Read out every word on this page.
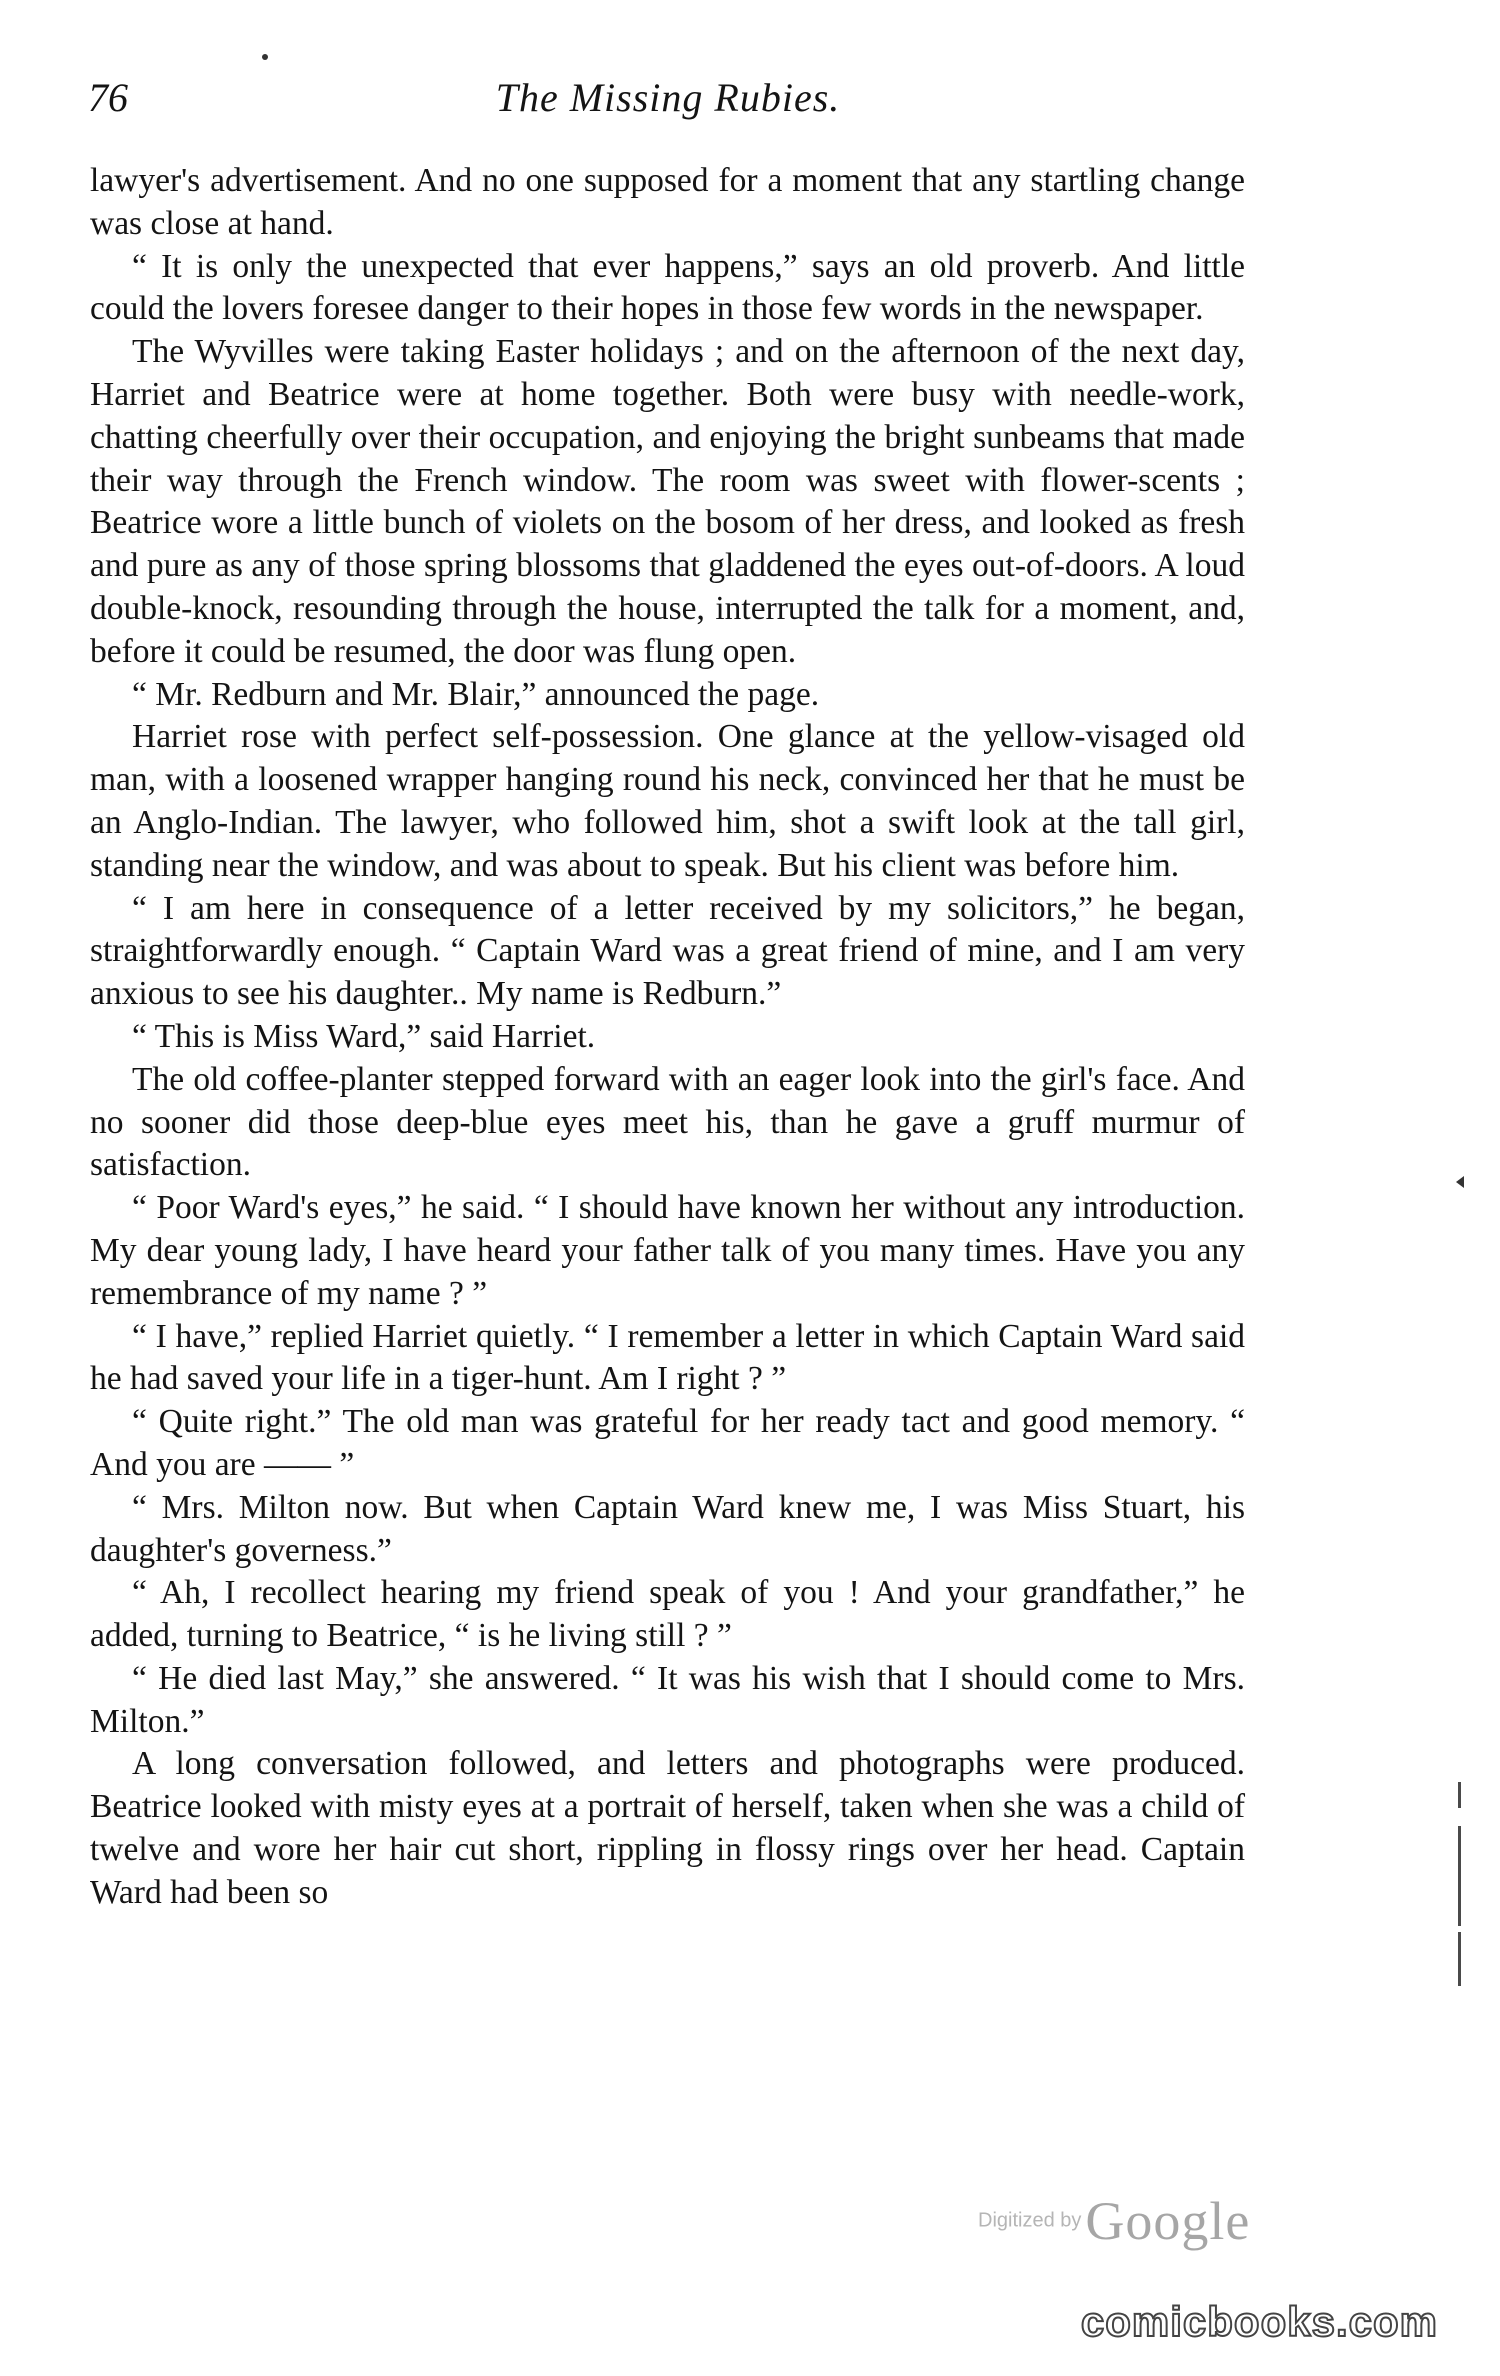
76	The Missing Rubies.

lawyer's advertisement. And no one supposed for a moment that any startling change was close at hand.

“ It is only the unexpected that ever happens,” says an old proverb. And little could the lovers foresee danger to their hopes in those few words in the newspaper.

The Wyvilles were taking Easter holidays ; and on the afternoon of the next day, Harriet and Beatrice were at home together. Both were busy with needle-work, chatting cheerfully over their occupation, and enjoying the bright sunbeams that made their way through the French window. The room was sweet with flower-scents ; Beatrice wore a little bunch of violets on the bosom of her dress, and looked as fresh and pure as any of those spring blossoms that gladdened the eyes out-of-doors. A loud double-knock, resounding through the house, interrupted the talk for a moment, and, before it could be resumed, the door was flung open.

“ Mr. Redburn and Mr. Blair,” announced the page.

Harriet rose with perfect self-possession. One glance at the yellow-visaged old man, with a loosened wrapper hanging round his neck, convinced her that he must be an Anglo-Indian. The lawyer, who followed him, shot a swift look at the tall girl, standing near the window, and was about to speak. But his client was before him.

“ I am here in consequence of a letter received by my solicitors,” he began, straightforwardly enough. “ Captain Ward was a great friend of mine, and I am very anxious to see his daughter.. My name is Redburn.”

“ This is Miss Ward,” said Harriet.

The old coffee-planter stepped forward with an eager look into the girl's face. And no sooner did those deep-blue eyes meet his, than he gave a gruff murmur of satisfaction.

“ Poor Ward's eyes,” he said. “ I should have known her without any introduction. My dear young lady, I have heard your father talk of you many times. Have you any remembrance of my name ? ”

“ I have,” replied Harriet quietly. “ I remember a letter in which Captain Ward said he had saved your life in a tiger-hunt. Am I right ? ”

“ Quite right.” The old man was grateful for her ready tact and good memory. “ And you are —— ”

“ Mrs. Milton now. But when Captain Ward knew me, I was Miss Stuart, his daughter's governess.”

“ Ah, I recollect hearing my friend speak of you ! And your grandfather,” he added, turning to Beatrice, “ is he living still ? ”

“ He died last May,” she answered. “ It was his wish that I should come to Mrs. Milton.”

A long conversation followed, and letters and photographs were produced. Beatrice looked with misty eyes at a portrait of herself, taken when she was a child of twelve and wore her hair cut short, rippling in flossy rings over her head. Captain Ward had been so

Digitized by Google
comicbooks.com
